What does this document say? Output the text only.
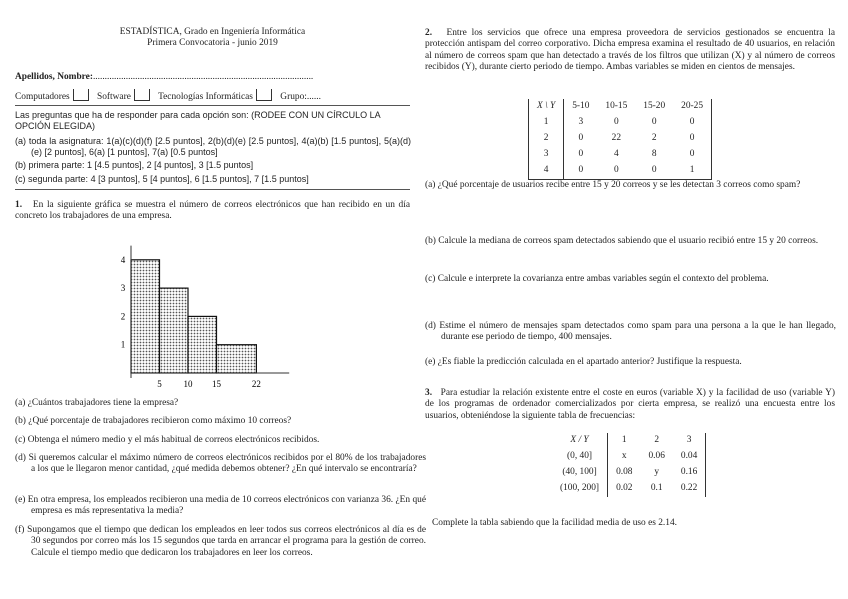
ESTADÍSTICA, Grado en Ingeniería Informática
Primera Convocatoria - junio 2019
Apellidos, Nombre:..............................................................................................
Computadores	Software	Tecnologías Informáticas	Grupo:......
Las preguntas que ha de responder para cada opción son: (RODEE CON UN CÍRCULO LA OPCIÓN ELEGIDA)
(a) toda la asignatura: 1(a)(c)(d)(f) [2.5 puntos], 2(b)(d)(e) [2.5 puntos], 4(a)(b) [1.5 puntos], 5(a)(d)(e) [2 puntos], 6(a) [1 puntos], 7(a) [0.5 puntos]
(b) primera parte: 1 [4.5 puntos], 2 [4 puntos], 3 [1.5 puntos]
(c) segunda parte: 4 [3 puntos], 5 [4 puntos], 6 [1.5 puntos], 7 [1.5 puntos]
1. En la siguiente gráfica se muestra el número de correos electrónicos que han recibido en un día concreto los trabajadores de una empresa.
5 10 15	22
1
2
3
4
(a) ¿Cuántos trabajadores tiene la empresa?
(b) ¿Qué porcentaje de trabajadores recibieron como máximo 10 correos?
(c) Obtenga el número medio y el más habitual de correos electrónicos recibidos.
(d) Si queremos calcular el máximo número de correos electrónicos recibidos por el 80% de los trabajadores a los que le llegaron menor cantidad, ¿qué medida debemos obtener? ¿En qué intervalo se encontraría?
(e) En otra empresa, los empleados recibieron una media de 10 correos electrónicos con varianza 36. ¿En qué empresa es más representativa la media?
(f) Supongamos que el tiempo que dedican los empleados en leer todos sus correos electrónicos al día es de 30 segundos por correo más los 15 segundos que tarda en arrancar el programa para la gestión de correo. Calcule el tiempo medio que dedicaron los trabajadores en leer los correos.
2. Entre los servicios que ofrece una empresa proveedora de servicios gestionados se encuentra la protección antispam del correo corporativo. Dicha empresa examina el resultado de 40 usuarios, en relación al número de correos spam que han detectado a través de los filtros que utilizan (X) y al número de correos recibidos (Y), durante cierto periodo de tiempo. Ambas variables se miden en cientos de mensajes.
X \ Y	5-10	10-15	15-20	20-25
1	3	0	0	0
2	0	22	2	0
3	0	4	8	0
4	0	0	0	1
(a) ¿Qué porcentaje de usuarios recibe entre 15 y 20 correos y se les detectan 3 correos como spam?
(b) Calcule la mediana de correos spam detectados sabiendo que el usuario recibió entre 15 y 20 correos.
(c) Calcule e interprete la covarianza entre ambas variables según el contexto del problema.
(d) Estime el número de mensajes spam detectados como spam para una persona a la que le han llegado, durante ese periodo de tiempo, 400 mensajes.
(e) ¿Es fiable la predicción calculada en el apartado anterior? Justifique la respuesta.
3. Para estudiar la relación existente entre el coste en euros (variable X) y la facilidad de uso (variable Y) de los programas de ordenador comercializados por cierta empresa, se realizó una encuesta entre los usuarios, obteniéndose la siguiente tabla de frecuencias:
X / Y	1	2	3
(0, 40]	x	0.06	0.04
(40, 100]	0.08	y	0.16
(100, 200]	0.02	0.1	0.22
Complete la tabla sabiendo que la facilidad media de uso es 2.14.
